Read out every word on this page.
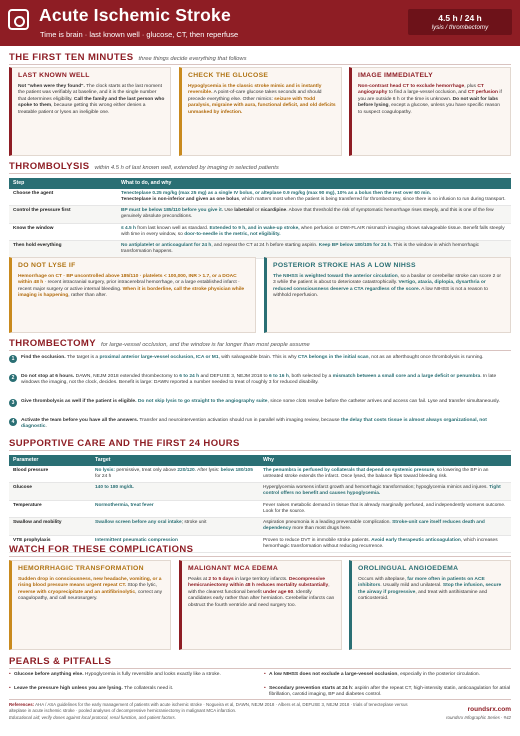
Acute Ischemic Stroke
Time is brain · last known well · glucose, CT, then reperfuse
4.5 h / 24 h
lysis / thrombectomy
THE FIRST TEN MINUTES three things decide everything that follows
LAST KNOWN WELL

Not "when were they found". The clock starts at the last moment the patient was verifiably at baseline, and it is the single number that determines eligibility. Call the family and the last person who spoke to them, because getting this wrong either denies a treatable patient or lyses an ineligible one.

CHECK THE GLUCOSE

Hypoglycemia is the classic stroke mimic and is instantly reversible. A point-of-care glucose takes seconds and should precede everything else. Other mimics: seizure with Todd paralysis, migraine with aura, functional deficit, and old deficits unmasked by infection.

IMAGE IMMEDIATELY

Non-contrast head CT to exclude hemorrhage, plus CT angiography to find a large-vessel occlusion, and CT perfusion if you are outside 6 h or the time is unknown. Do not wait for labs before lysing, except a glucose, unless you have specific reason to suspect coagulopathy.

THROMBOLYSIS within 4.5 h of last known well, extended by imaging in selected patients
Step	What to do, and why
Choose the agent	Tenecteplase 0.25 mg/kg (max 25 mg) as a single IV bolus, or alteplase 0.9 mg/kg (max 90 mg), 10% as a bolus then the rest over 60 min.
Tenecteplase is non-inferior and given as one bolus, which matters most when the patient is being transferred for thrombectomy, since there is no infusion to run during transport.
Control the pressure first	BP must be below 185/110 before you give it. Use labetalol or nicardipine. Above that threshold the risk of symptomatic hemorrhage rises steeply, and this is one of the few genuinely absolute preconditions.
Know the window	≤ 4.5 h from last known well as standard. Extended to 9 h, and in wake-up stroke, when perfusion or DWI-FLAIR mismatch imaging shows salvageable tissue. Benefit falls steeply with time in every window, so door-to-needle is the metric, not eligibility.
Then hold everything	No antiplatelet or anticoagulant for 24 h, and repeat the CT at 24 h before starting aspirin. Keep BP below 180/105 for 24 h. This is the window in which hemorrhagic transformation happens.
DO NOT LYSE IF

Hemorrhage on CT · BP uncontrolled above 185/110 · platelets < 100,000, INR > 1.7, or a DOAC within 48 h · recent intracranial surgery, prior intracerebral hemorrhage, or a large established infarct · recent major surgery or active internal bleeding. When it is borderline, call the stroke physician while imaging is happening, rather than after.

POSTERIOR STROKE HAS A LOW NIHSS

The NIHSS is weighted toward the anterior circulation, so a basilar or cerebellar stroke can score 2 or 3 while the patient is about to deteriorate catastrophically. Vertigo, ataxia, diplopia, dysarthria or reduced consciousness deserve a CTA regardless of the score. A low NIHSS is not a reason to withhold reperfusion.

THROMBECTOMY for large-vessel occlusion, and the window is far longer than most people assume
1	Find the occlusion. The target is a proximal anterior large-vessel occlusion, ICA or M1, with salvageable brain. This is why CTA belongs in the initial scan, not as an afterthought once thrombolysis is running.
2	Do not stop at 6 hours. DAWN, NEJM 2018 extended thrombectomy to 6 to 24 h and DEFUSE 3, NEJM 2018 to 6 to 16 h, both selected by a mismatch between a small core and a large deficit or penumbra. In late windows the imaging, not the clock, decides. Benefit is large: DAWN reported a number needed to treat of roughly 3 for reduced disability.
3	Give thrombolysis as well if the patient is eligible. Do not skip lysis to go straight to the angiography suite, since some clots resolve before the catheter arrives and access can fail. Lyse and transfer simultaneously.
4	Activate the team before you have all the answers. Transfer and neurointervention activation should run in parallel with imaging review, because the delay that costs tissue is almost always organizational, not diagnostic.
SUPPORTIVE CARE AND THE FIRST 24 HOURS
Parameter	Target	Why
Blood pressure	No lysis: permissive, treat only above 220/120. After lysis: below 180/105 for 24 h	The penumbra is perfused by collaterals that depend on systemic pressure, so lowering the BP in an untreated stroke extends the infarct. Once lysed, the balance flips toward bleeding risk.
Glucose	140 to 180 mg/dL	Hyperglycemia worsens infarct growth and hemorrhagic transformation; hypoglycemia mimics and injures. Tight control offers no benefit and causes hypoglycemia.
Temperature	Normothermia, treat fever	Fever raises metabolic demand in tissue that is already marginally perfused, and independently worsens outcome. Look for the source.
Swallow and mobility	Swallow screen before any oral intake; stroke unit	Aspiration pneumonia is a leading preventable complication. Stroke-unit care itself reduces death and dependency more than most drugs here.
VTE prophylaxis	Intermittent pneumatic compression	Proven to reduce DVT in immobile stroke patients. Avoid early therapeutic anticoagulation, which increases hemorrhagic transformation without reducing recurrence.
WATCH FOR THESE COMPLICATIONS
HEMORRHAGIC TRANSFORMATION

Sudden drop in consciousness, new headache, vomiting, or a rising blood pressure means urgent repeat CT. Stop the lytic, reverse with cryoprecipitate and an antifibrinolytic, correct any coagulopathy, and call neurosurgery.

MALIGNANT MCA EDEMA

Peaks at 2 to 5 days in large territory infarcts. Decompressive hemicraniectomy within 48 h reduces mortality substantially, with the clearest functional benefit under age 60. Identify candidates early rather than after herniation. Cerebellar infarcts can obstruct the fourth ventricle and need surgery too.

OROLINGUAL ANGIOEDEMA

Occurs with alteplase, far more often in patients on ACE inhibitors. Usually mild and unilateral. Stop the infusion, secure the airway if progressive, and treat with antihistamine and corticosteroid.

PEARLS & PITFALLS
• Glucose before anything else. Hypoglycemia is fully reversible and looks exactly like a stroke.	• A low NIHSS does not exclude a large-vessel occlusion, especially in the posterior circulation.
• Leave the pressure high unless you are lysing. The collaterals need it.	• Secondary prevention starts at 24 h: aspirin after the repeat CT, high-intensity statin, anticoagulation for atrial fibrillation, carotid imaging, BP and diabetes control.
References: AHA / ASA guidelines for the early management of patients with acute ischemic stroke · Nogueira et al, DAWN, NEJM 2018 · Albers et al, DEFUSE 3, NEJM 2018 · trials of tenecteplase versus alteplase in acute ischemic stroke · pooled analyses of decompressive hemicraniectomy in malignant MCA infarction.
Educational aid; verify doses against local protocol, renal function, and patient factors.
roundsrx.com
roundsrx Infographic Series · #42
